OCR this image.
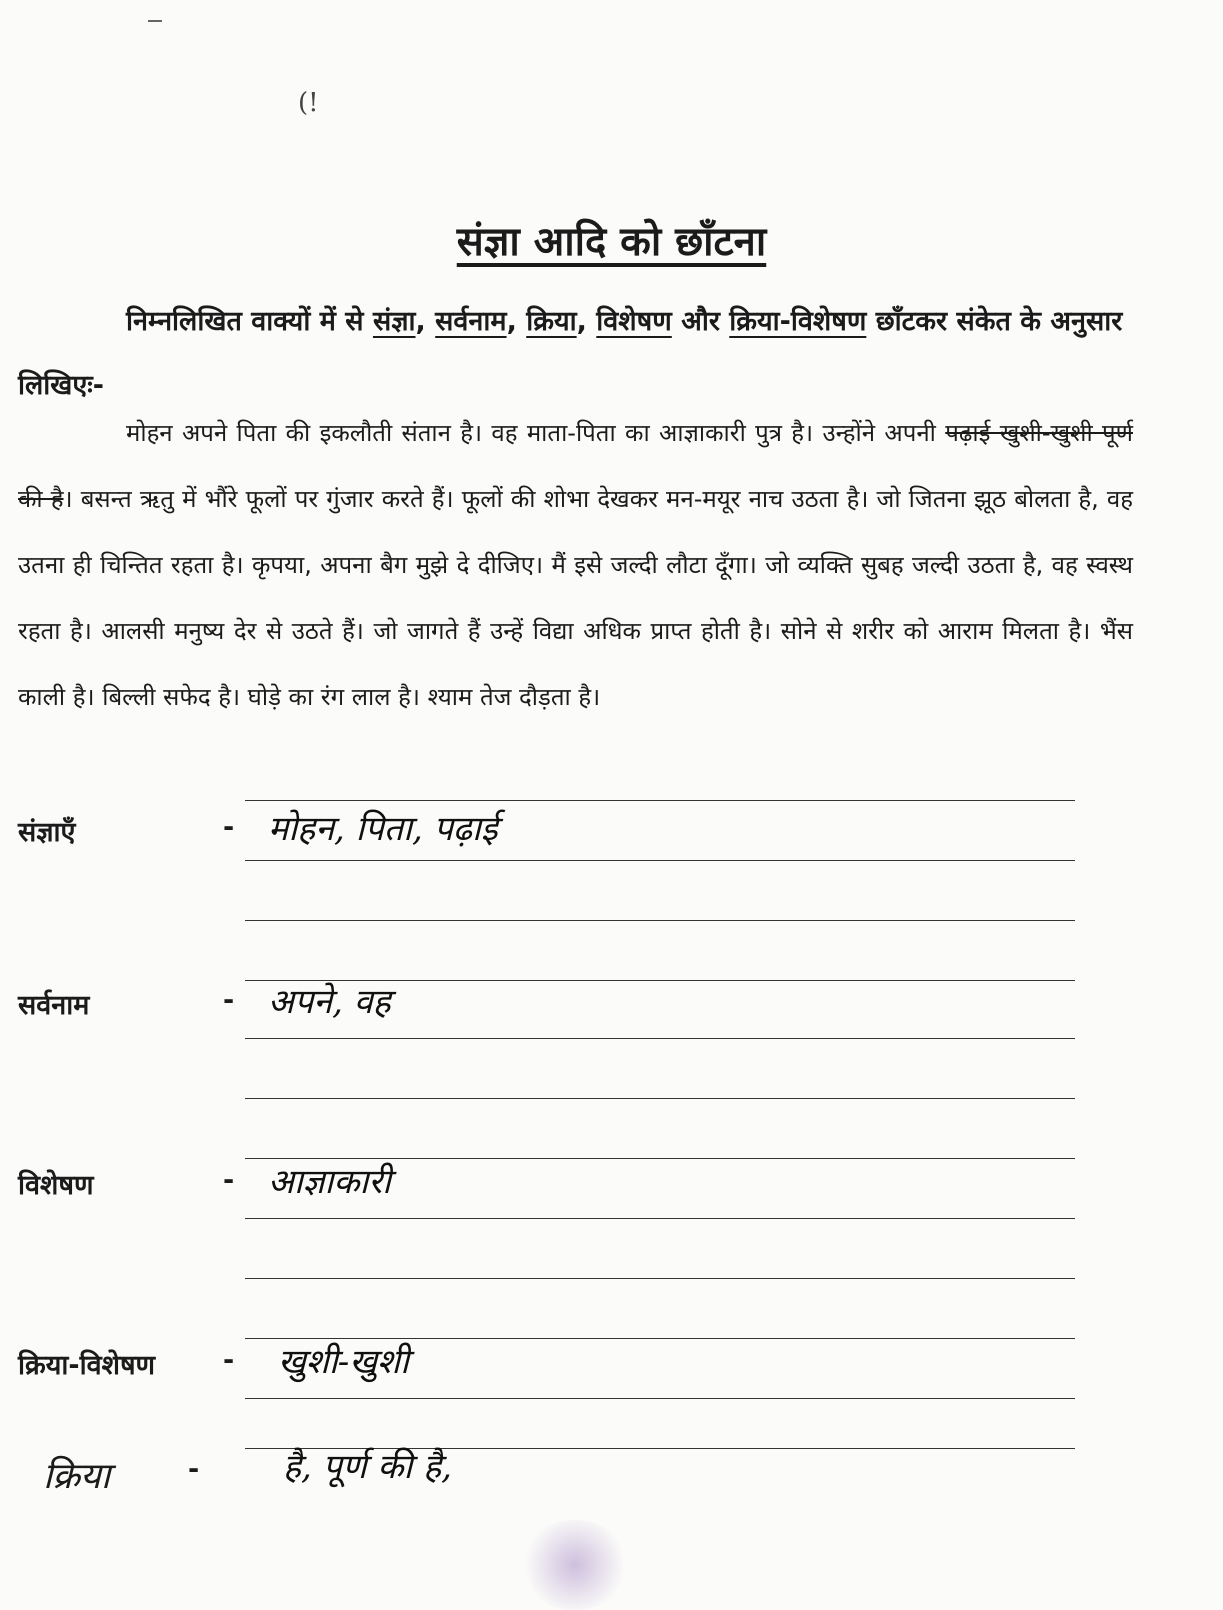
(!
संज्ञा आदि को छाँटना
निम्नलिखित वाक्यों में से संज्ञा, सर्वनाम, क्रिया, विशेषण और क्रिया-विशेषण छाँटकर संकेत के अनुसार लिखिएः-
मोहन अपने पिता की इकलौती संतान है। वह माता-पिता का आज्ञाकारी पुत्र है। उन्होंने अपनी पढ़ाई खुशी-खुशी पूर्ण की है। बसन्त ऋतु में भौंरे फूलों पर गुंजार करते हैं। फूलों की शोभा देखकर मन-मयूर नाच उठता है। जो जितना झूठ बोलता है, वह उतना ही चिन्तित रहता है। कृपया, अपना बैग मुझे दे दीजिए। मैं इसे जल्दी लौटा दूँगा। जो व्यक्ति सुबह जल्दी उठता है, वह स्वस्थ रहता है। आलसी मनुष्य देर से उठते हैं। जो जागते हैं उन्हें विद्या अधिक प्राप्त होती है। सोने से शरीर को आराम मिलता है। भैंस काली है। बिल्ली सफेद है। घोड़े का रंग लाल है। श्याम तेज दौड़ता है।
संज्ञाएँ	- मोहन, पिता, पढ़ाई
सर्वनाम	- अपने, वह
विशेषण	- आज्ञाकारी
क्रिया-विशेषण	- खुशी-खुशी
क्रिया	- है, पूर्ण की है,
